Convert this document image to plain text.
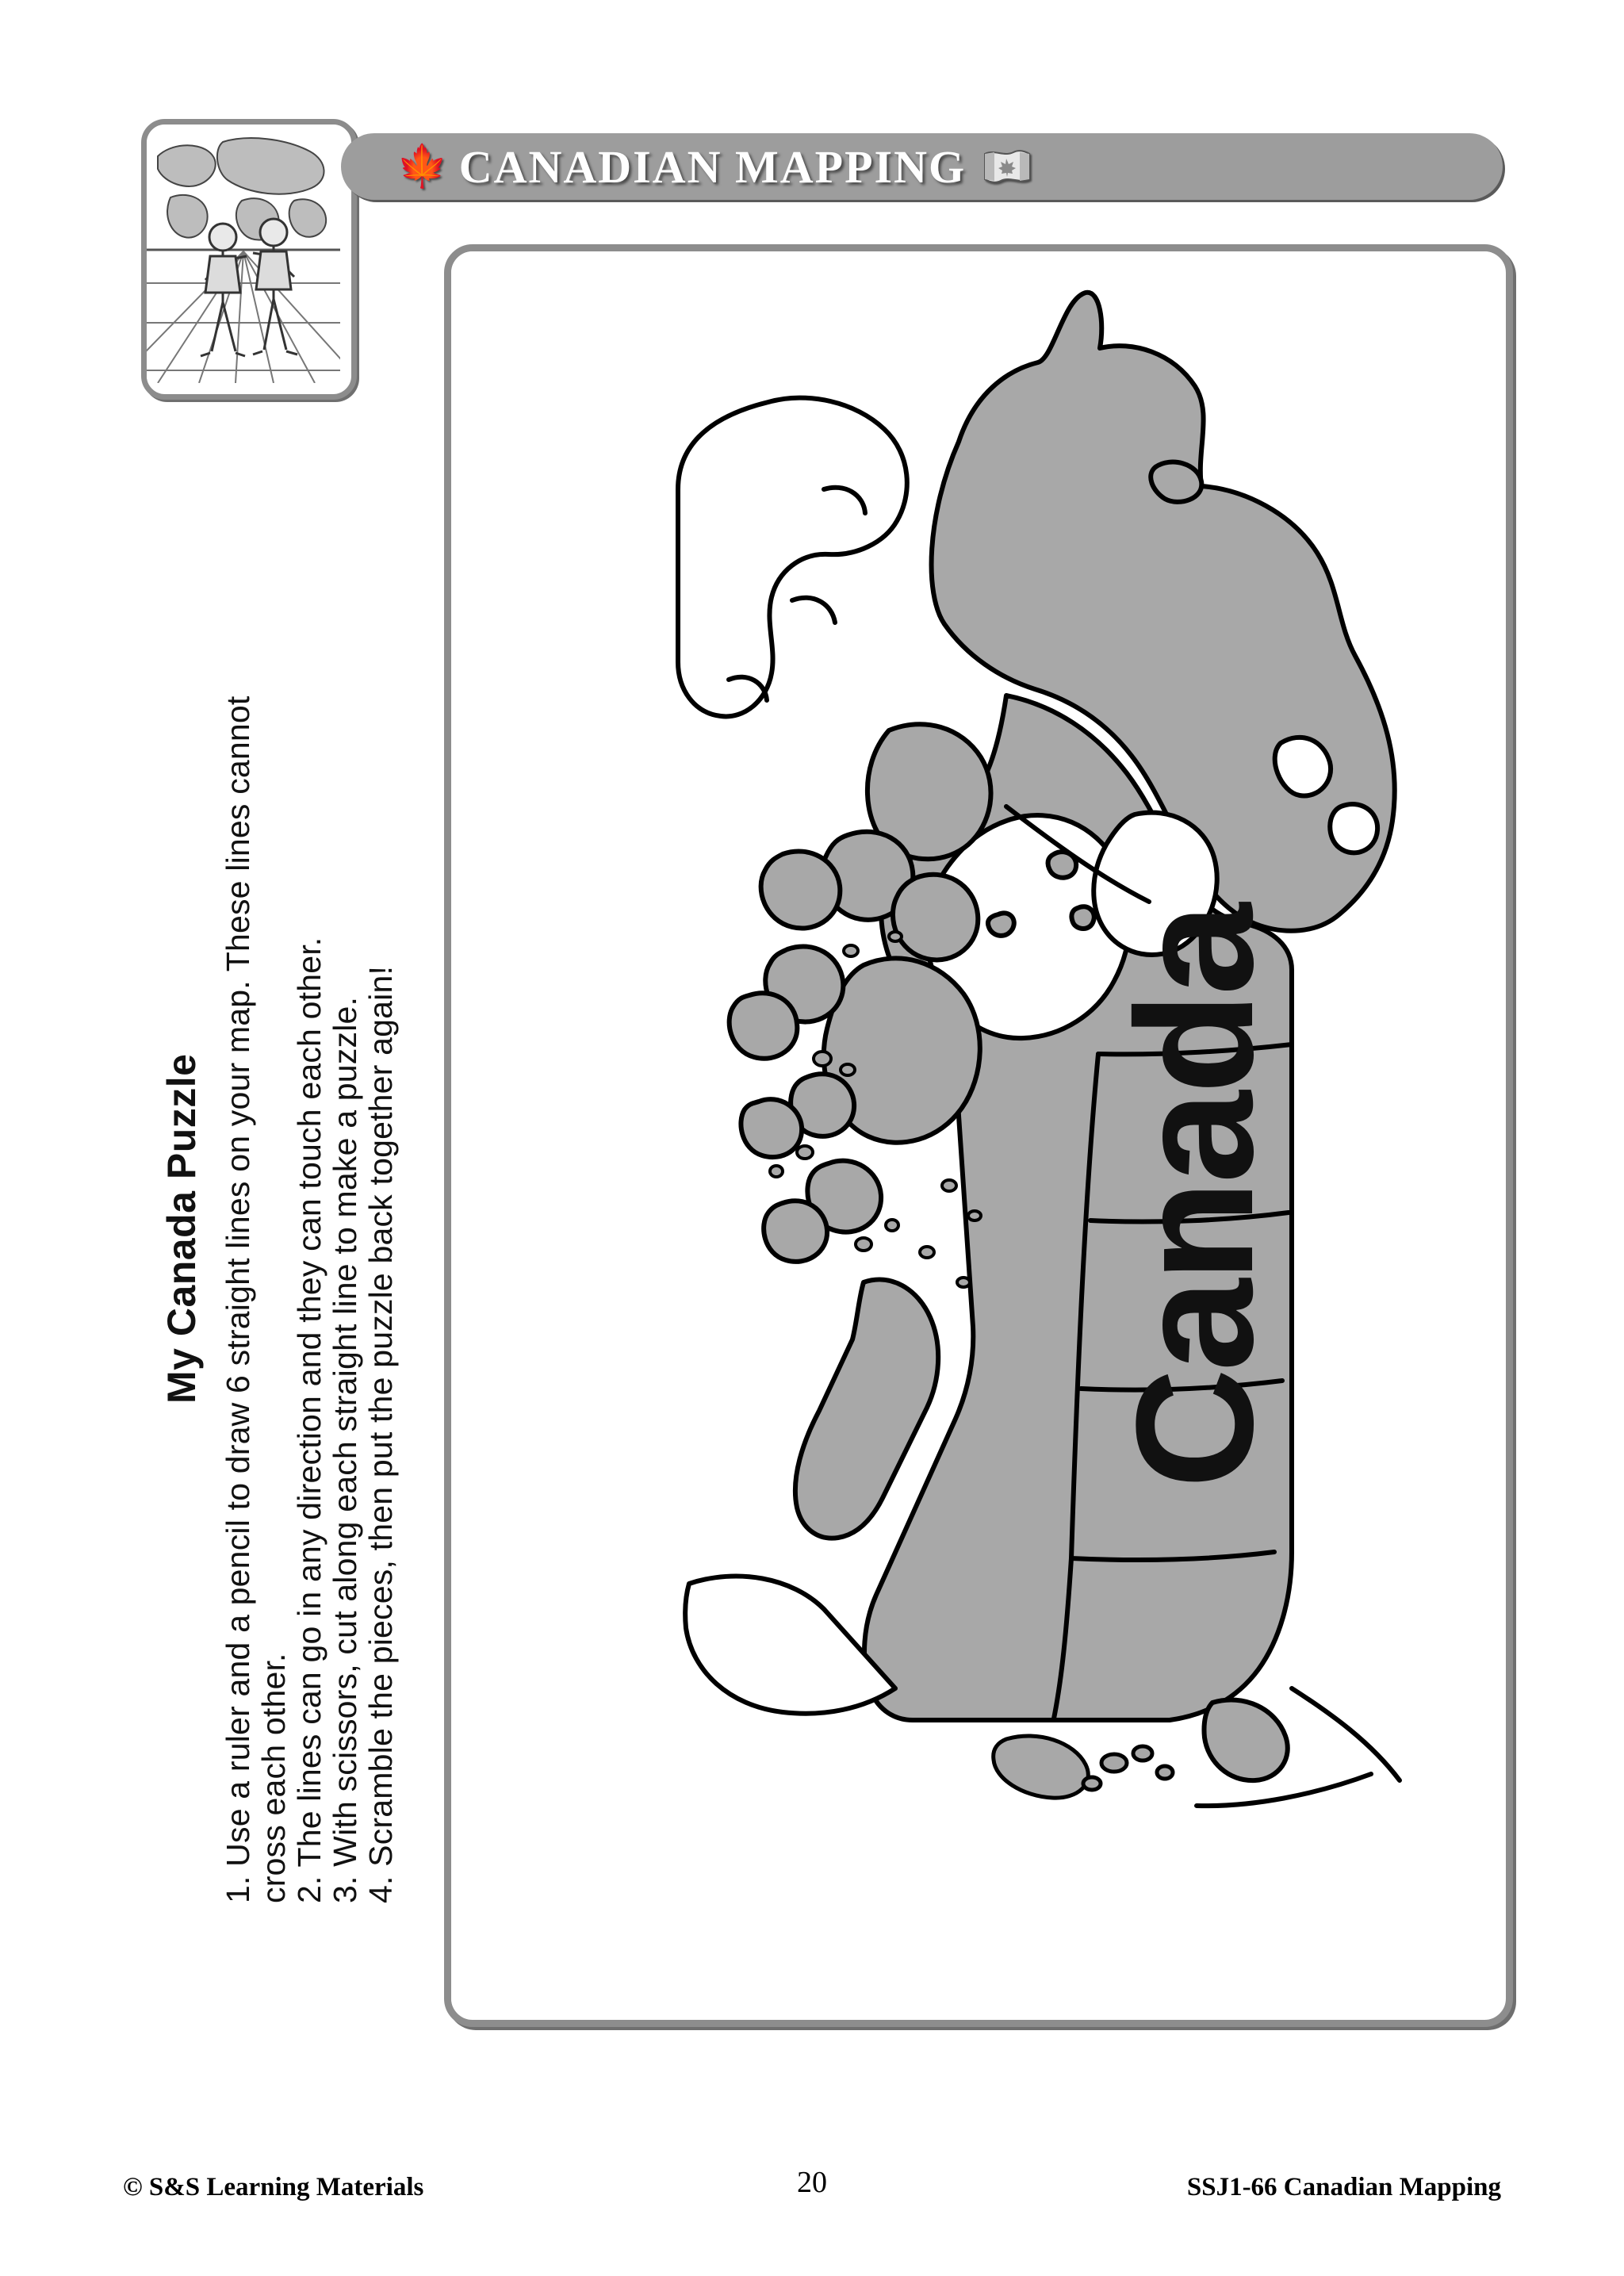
🍁 CANADIAN MAPPING
My Canada Puzzle 1. Use a ruler and a pencil to draw 6 straight lines on your map. These lines cannot cross each other. 2. The lines can go in any direction and they can touch each other. 3. With scissors, cut along each straight line to make a puzzle. 4. Scramble the pieces, then put the puzzle back together again!	Canada
© S&S Learning Materials	20	SSJ1-66 Canadian Mapping
